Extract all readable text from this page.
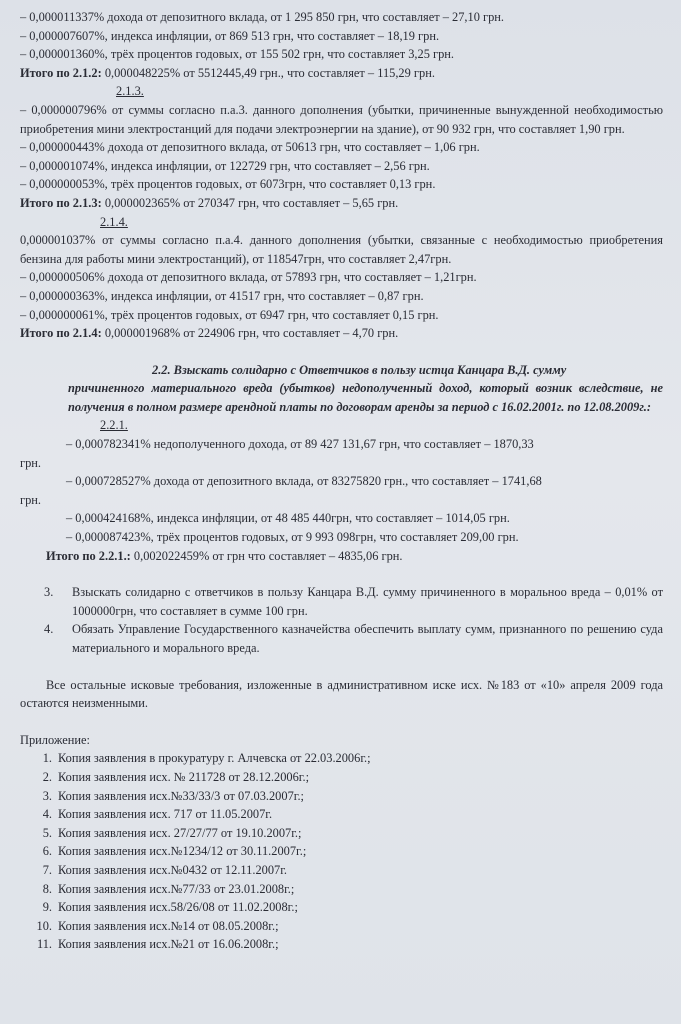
– 0,000011337% дохода от депозитного вклада, от 1 295 850 грн, что составляет – 27,10 грн.
– 0,000007607%, индекса инфляции, от 869 513 грн, что составляет – 18,19 грн.
– 0,000001360%, трёх процентов годовых, от 155 502 грн, что составляет 3,25 грн.
Итого по 2.1.2: 0,000048225% от 5512445,49 грн., что составляет – 115,29 грн.
2.1.3.
– 0,000000796% от суммы согласно п.а.3. данного дополнения (убытки, причиненные вынужденной необходимостью приобретения мини электростанций для подачи электроэнергии на здание), от 90 932 грн, что составляет 1,90 грн.
– 0,000000443% дохода от депозитного вклада, от 50613 грн, что составляет – 1,06 грн.
– 0,000001074%, индекса инфляции, от 122729 грн, что составляет – 2,56 грн.
– 0,000000053%, трёх процентов годовых, от 6073грн, что составляет 0,13 грн.
Итого по 2.1.3: 0,000002365% от 270347 грн, что составляет – 5,65 грн.
2.1.4.
0,000001037% от суммы согласно п.а.4. данного дополнения (убытки, связанные с необходимостью приобретения бензина для работы мини электростанций), от 118547грн, что составляет 2,47грн.
– 0,000000506% дохода от депозитного вклада, от 57893 грн, что составляет – 1,21грн.
– 0,000000363%, индекса инфляции, от 41517 грн, что составляет – 0,87 грн.
– 0,000000061%, трёх процентов годовых, от 6947 грн, что составляет 0,15 грн.
Итого по 2.1.4: 0,000001968% от 224906 грн, что составляет – 4,70 грн.
2.2. Взыскать солидарно с Ответчиков в пользу истца Канцара В.Д. сумму
причиненного материального вреда (убытков) недополученный доход, который возник вследствие, не получения в полном размере арендной платы по договорам аренды за период с 16.02.2001г. по 12.08.2009г.:
2.2.1.
– 0,000782341% недополученного дохода, от 89 427 131,67 грн, что составляет – 1870,33
грн.
– 0,000728527% дохода от депозитного вклада, от 83275820 грн., что составляет – 1741,68
грн.
– 0,000424168%, индекса инфляции, от 48 485 440грн, что составляет – 1014,05 грн.
– 0,000087423%, трёх процентов годовых, от 9 993 098грн, что составляет 209,00 грн.
Итого по 2.2.1.: 0,002022459% от грн что составляет – 4835,06 грн.
3.	Взыскать солидарно с ответчиков в пользу Канцара В.Д. сумму причиненного в моральноо вреда – 0,01% от 1000000грн, что составляет в сумме 100 грн.
4.	Обязать Управление Государственного казначейства обеспечить выплату сумм, признанного по решению суда материального и морального вреда.
Все остальные исковые требования, изложенные в административном иске исх. №183 от «10» апреля 2009 года остаются неизменными.
Приложение:
1. Копия заявления в прокуратуру г. Алчевска от 22.03.2006г.;
2. Копия заявления исх. № 211728 от 28.12.2006г.;
3. Копия заявления исх.№33/33/3 от 07.03.2007г.;
4. Копия заявления исх. 717 от 11.05.2007г.
5. Копия заявления исх. 27/27/77 от 19.10.2007г.;
6. Копия заявления исх.№1234/12 от 30.11.2007г.;
7. Копия заявления исх.№0432 от 12.11.2007г.
8. Копия заявления исх.№77/33 от 23.01.2008г.;
9. Копия заявления исх.58/26/08 от 11.02.2008г.;
10. Копия заявления исх.№14 от 08.05.2008г.;
11. Копия заявления исх.№21 от 16.06.2008г.;
